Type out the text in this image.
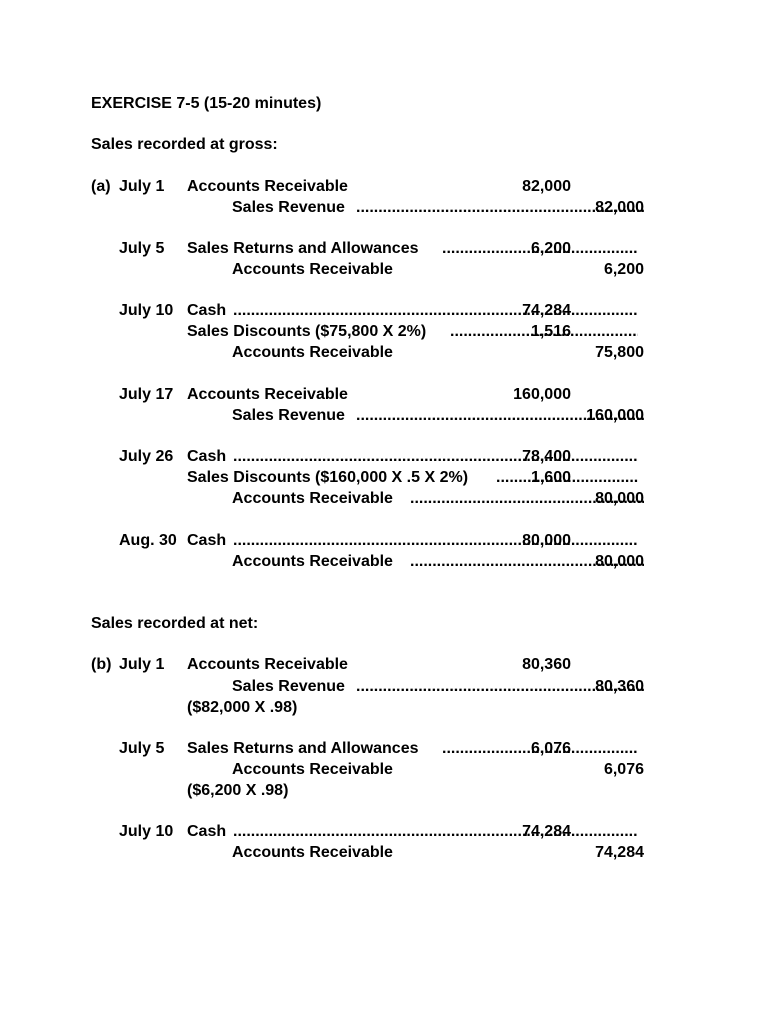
EXERCISE 7-5 (15-20 minutes)
Sales recorded at gross:
(a) July 1 Accounts Receivable	82,000
Sales Revenue .....	82,000
July 5 Sales Returns and Allowances .....	6,200
Accounts Receivable	6,200
July 10 Cash .....	74,284
Sales Discounts ($75,800 X 2%) .....	1,516
Accounts Receivable	75,800
July 17 Accounts Receivable	160,000
Sales Revenue .....	160,000
July 26 Cash .....	78,400
Sales Discounts ($160,000 X .5 X 2%) .....	1,600
Accounts Receivable .....	80,000
Aug. 30 Cash .....	80,000
Accounts Receivable .....	80,000
Sales recorded at net:
(b) July 1 Accounts Receivable	80,360
Sales Revenue .....	80,360
($82,000 X .98)
July 5 Sales Returns and Allowances .....	6,076
Accounts Receivable	6,076
($6,200 X .98)
July 10 Cash .....	74,284
Accounts Receivable	74,284
